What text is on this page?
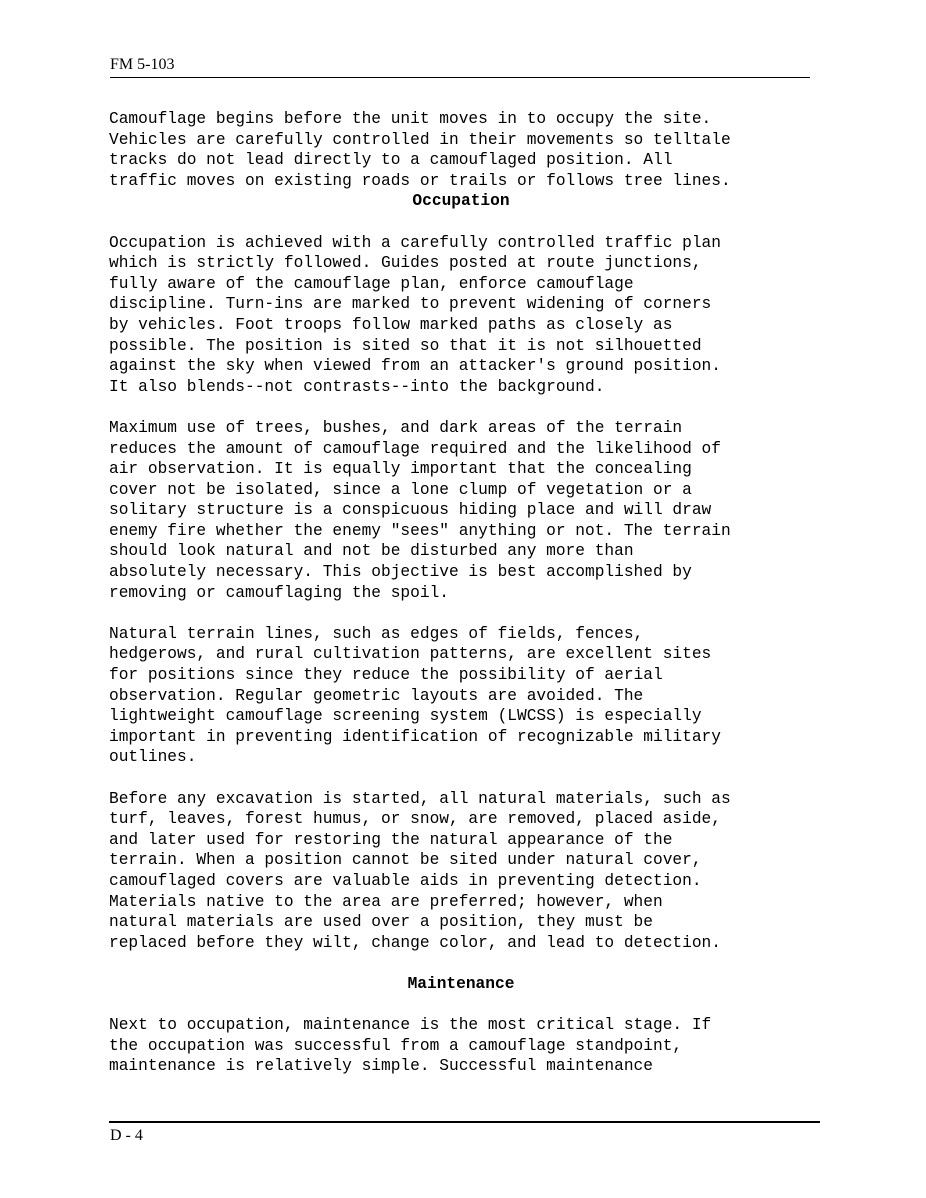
FM 5-103

Camouflage begins before the unit moves in to occupy the site.
Vehicles are carefully controlled in their movements so telltale
tracks do not lead directly to a camouflaged position. All
traffic moves on existing roads or trails or follows tree lines.

Occupation

Occupation is achieved with a carefully controlled traffic plan
which is strictly followed. Guides posted at route junctions,
fully aware of the camouflage plan, enforce camouflage
discipline. Turn-ins are marked to prevent widening of corners
by vehicles. Foot troops follow marked paths as closely as
possible. The position is sited so that it is not silhouetted
against the sky when viewed from an attacker's ground position.
It also blends--not contrasts--into the background.

Maximum use of trees, bushes, and dark areas of the terrain
reduces the amount of camouflage required and the likelihood of
air observation. It is equally important that the concealing
cover not be isolated, since a lone clump of vegetation or a
solitary structure is a conspicuous hiding place and will draw
enemy fire whether the enemy "sees" anything or not. The terrain
should look natural and not be disturbed any more than
absolutely necessary. This objective is best accomplished by
removing or camouflaging the spoil.

Natural terrain lines, such as edges of fields, fences,
hedgerows, and rural cultivation patterns, are excellent sites
for positions since they reduce the possibility of aerial
observation. Regular geometric layouts are avoided. The
lightweight camouflage screening system (LWCSS) is especially
important in preventing identification of recognizable military
outlines.

Before any excavation is started, all natural materials, such as
turf, leaves, forest humus, or snow, are removed, placed aside,
and later used for restoring the natural appearance of the
terrain. When a position cannot be sited under natural cover,
camouflaged covers are valuable aids in preventing detection.
Materials native to the area are preferred; however, when
natural materials are used over a position, they must be
replaced before they wilt, change color, and lead to detection.

Maintenance

Next to occupation, maintenance is the most critical stage. If
the occupation was successful from a camouflage standpoint,
maintenance is relatively simple. Successful maintenance

D - 4
